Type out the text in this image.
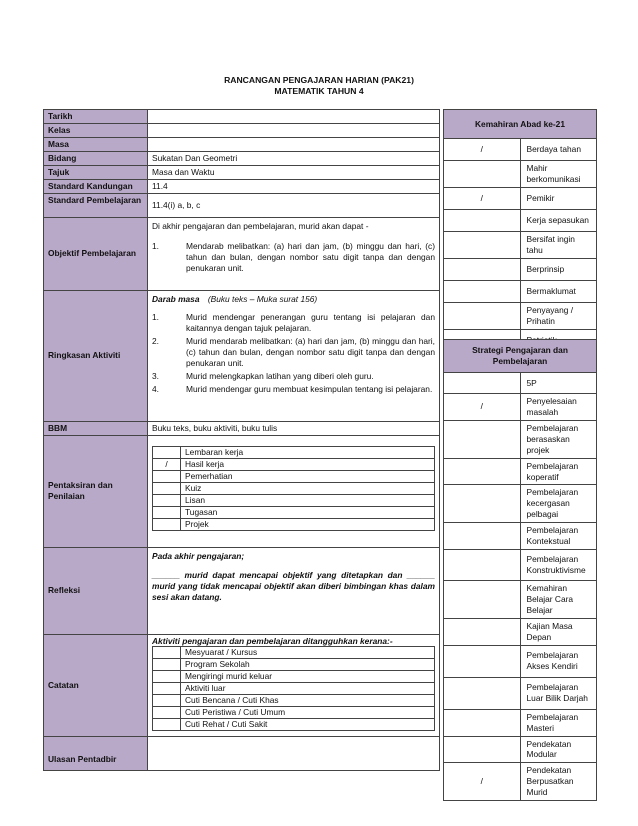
RANCANGAN PENGAJARAN HARIAN (PAK21)
MATEMATIK TAHUN 4
Tarikh	
Kelas	
Masa	
Bidang	Sukatan Dan Geometri
Tajuk	Masa dan Waktu
Standard Kandungan	11.4
Standard Pembelajaran	11.4(i) a, b, c
Objektif Pembelajaran	
Di akhir pengajaran dan pembelajaran, murid akan dapat -
1.	Mendarab melibatkan: (a) hari dan jam, (b) minggu dan hari, (c) tahun dan bulan, dengan nombor satu digit tanpa dan dengan penukaran unit.

Ringkasan Aktiviti	
Darab masa (Buku teks – Muka surat 156)
1.	Murid mendengar penerangan guru tentang isi pelajaran dan kaitannya dengan tajuk pelajaran.
2.	Murid mendarab melibatkan: (a) hari dan jam, (b) minggu dan hari, (c) tahun dan bulan, dengan nombor satu digit tanpa dan dengan penukaran unit.
3.	Murid melengkapkan latihan yang diberi oleh guru.
4.	Murid mendengar guru membuat kesimpulan tentang isi pelajaran.

BBM	Buku teks, buku aktiviti, buku tulis
Pentaksiran dan Penilaian	
	Lembaran kerja
/	Hasil kerja
	Pemerhatian
	Kuiz
	Lisan
	Tugasan
	Projek

Refleksi	
Pada akhir pengajaran;
______ murid dapat mencapai objektif yang ditetapkan dan ______ murid yang tidak mencapai objektif akan diberi bimbingan khas dalam sesi akan datang.

Catatan	
Aktiviti pengajaran dan pembelajaran ditangguhkan kerana:-
	Mesyuarat / Kursus
	Program Sekolah
	Mengiringi murid keluar
	Aktiviti luar
	Cuti Bencana / Cuti Khas
	Cuti Peristiwa / Cuti Umum
	Cuti Rehat / Cuti Sakit

Ulasan Pentadbir	
Kemahiran Abad ke-21	
/	Berdaya tahan
	Mahir berkomunikasi
/	Pemikir
	Kerja sepasukan
	Bersifat ingin tahu
	Berprinsip
	Bermaklumat
	Penyayang / Prihatin

Strategi Pengajaran dan Pembelajaran	
	5P
/	Penyelesaian masalah
	Pembelajaran berasaskan projek
	Pembelajaran koperatif
	Pembelajaran kecergasan pelbagai
	Pembelajaran Kontekstual
	Pembelajaran Konstruktivisme
	Kemahiran Belajar Cara Belajar
	Kajian Masa Depan
	Pembelajaran Akses Kendiri
	Pembelajaran Luar Bilik Darjah
	Pembelajaran Masteri
	Pendekatan Modular
/	Pendekatan Berpusatkan Murid
